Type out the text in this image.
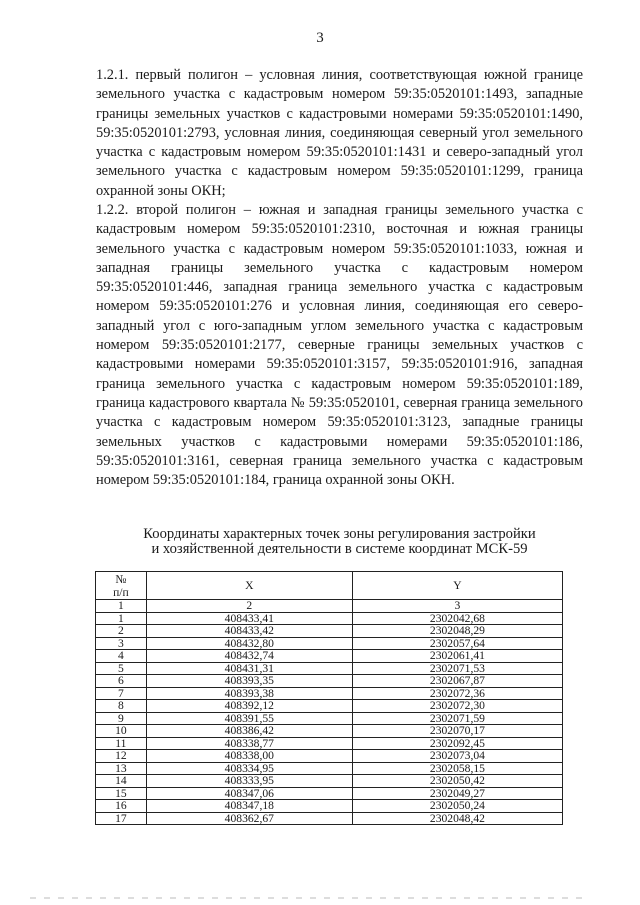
3
1.2.1. первый полигон – условная линия, соответствующая южной границе земельного участка с кадастровым номером 59:35:0520101:1493, западные границы земельных участков с кадастровыми номерами 59:35:0520101:1490, 59:35:0520101:2793, условная линия, соединяющая северный угол земельного участка с кадастровым номером 59:35:0520101:1431 и северо-западный угол земельного участка с кадастровым номером 59:35:0520101:1299, граница охранной зоны ОКН;
1.2.2. второй полигон – южная и западная границы земельного участка с кадастровым номером 59:35:0520101:2310, восточная и южная границы земельного участка с кадастровым номером 59:35:0520101:1033, южная и западная границы земельного участка с кадастровым номером 59:35:0520101:446, западная граница земельного участка с кадастровым номером 59:35:0520101:276 и условная линия, соединяющая его северо-западный угол с юго-западным углом земельного участка с кадастровым номером 59:35:0520101:2177, северные границы земельных участков с кадастровыми номерами 59:35:0520101:3157, 59:35:0520101:916, западная граница земельного участка с кадастровым номером 59:35:0520101:189, граница кадастрового квартала № 59:35:0520101, северная граница земельного участка с кадастровым номером 59:35:0520101:3123, западные границы земельных участков с кадастровыми номерами 59:35:0520101:186, 59:35:0520101:3161, северная граница земельного участка с кадастровым номером 59:35:0520101:184, граница охранной зоны ОКН.
Координаты характерных точек зоны регулирования застройки
и хозяйственной деятельности в системе координат МСК-59
№
п/п	X	Y
1	2	3
1	408433,41	2302042,68
2	408433,42	2302048,29
3	408432,80	2302057,64
4	408432,74	2302061,41
5	408431,31	2302071,53
6	408393,35	2302067,87
7	408393,38	2302072,36
8	408392,12	2302072,30
9	408391,55	2302071,59
10	408386,42	2302070,17
11	408338,77	2302092,45
12	408338,00	2302073,04
13	408334,95	2302058,15
14	408333,95	2302050,42
15	408347,06	2302049,27
16	408347,18	2302050,24
17	408362,67	2302048,42
